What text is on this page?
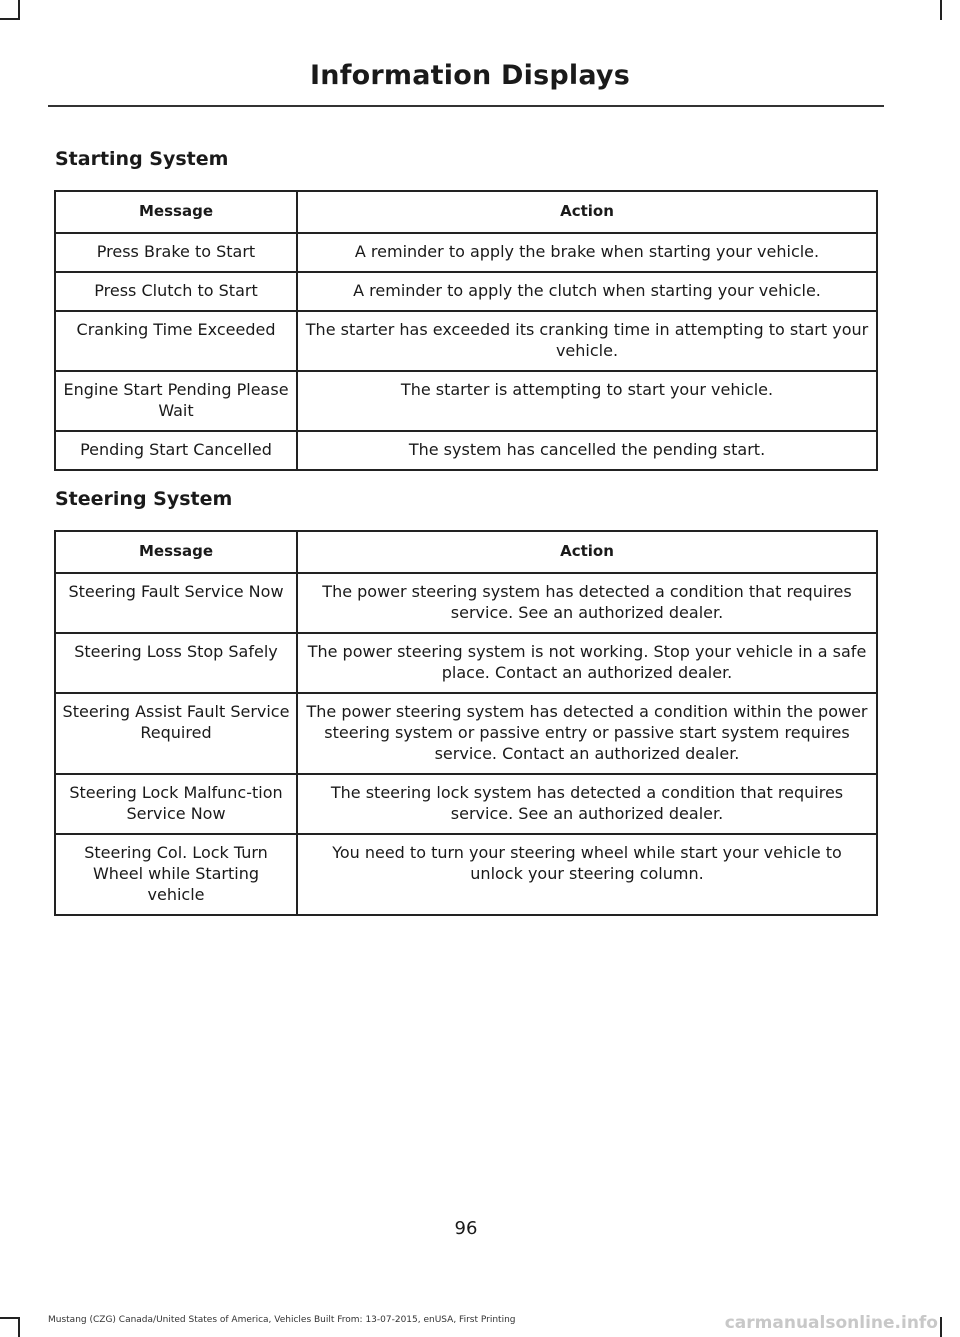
Information Displays
Starting System
Message	Action
Press Brake to Start	A reminder to apply the brake when starting your vehicle.
Press Clutch to Start	A reminder to apply the clutch when starting your vehicle.
Cranking Time Exceeded	The starter has exceeded its cranking time in attempting to start your vehicle.
Engine Start Pending Please Wait	The starter is attempting to start your vehicle.
Pending Start Cancelled	The system has cancelled the pending start.
Steering System
Message	Action
Steering Fault Service Now	The power steering system has detected a condition that requires service. See an authorized dealer.
Steering Loss Stop Safely	The power steering system is not working. Stop your vehicle in a safe place. Contact an authorized dealer.
Steering Assist Fault Service Required	The power steering system has detected a condition within the power steering system or passive entry or passive start system requires service. Contact an authorized dealer.
Steering Lock Malfunc-tion Service Now	The steering lock system has detected a condition that requires service. See an authorized dealer.
Steering Col. Lock Turn Wheel while Starting vehicle	You need to turn your steering wheel while start your vehicle to unlock your steering column.
96
Mustang (CZG) Canada/United States of America, Vehicles Built From: 13-07-2015, enUSA, First Printing	carmanualsonline.info
